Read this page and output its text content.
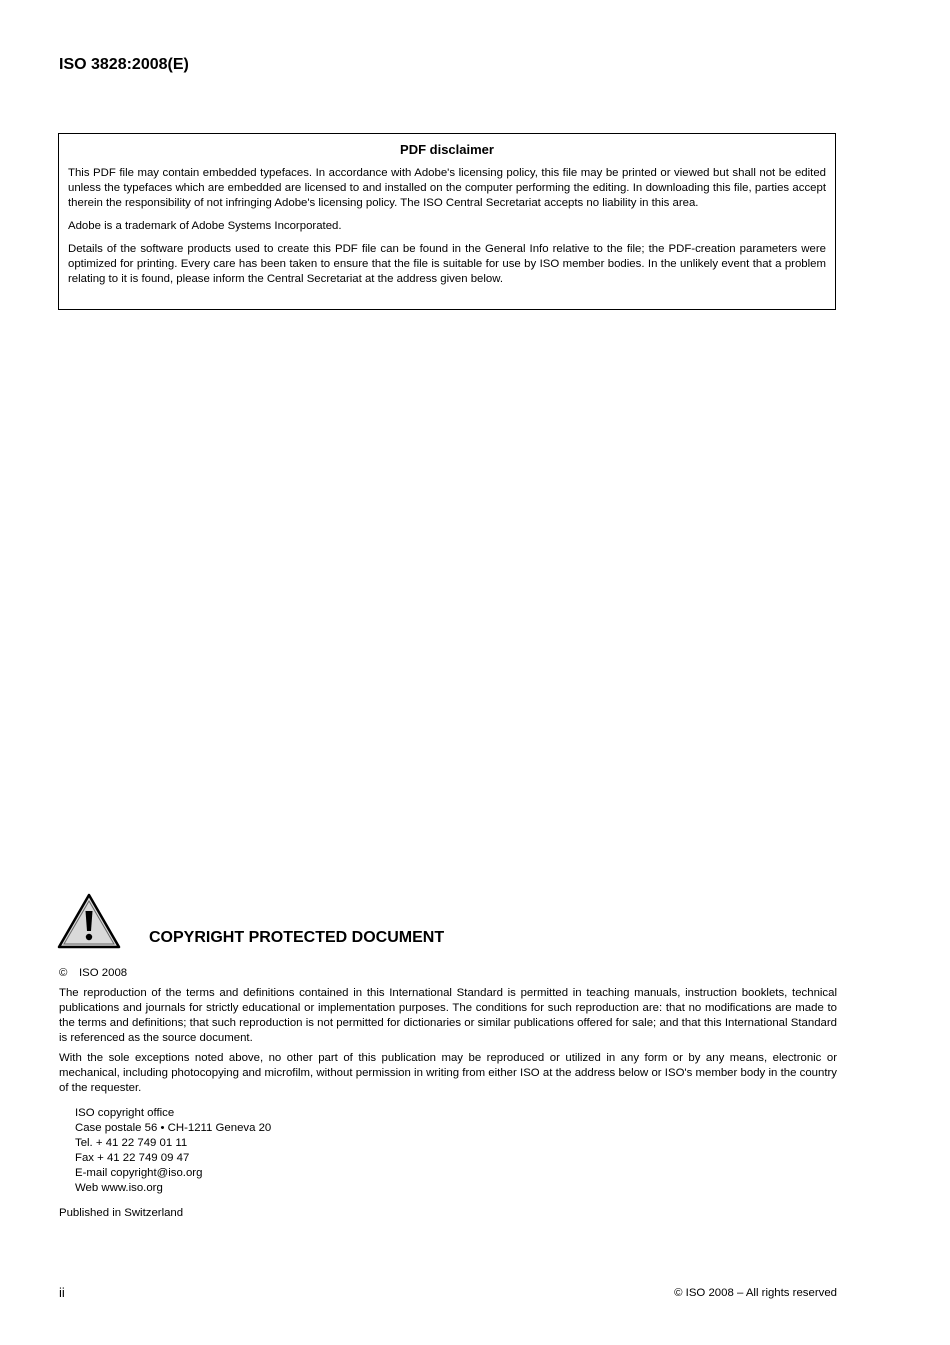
ISO 3828:2008(E)

PDF disclaimer

This PDF file may contain embedded typefaces. In accordance with Adobe's licensing policy, this file may be printed or viewed but shall not be edited unless the typefaces which are embedded are licensed to and installed on the computer performing the editing. In downloading this file, parties accept therein the responsibility of not infringing Adobe's licensing policy. The ISO Central Secretariat accepts no liability in this area.

Adobe is a trademark of Adobe Systems Incorporated.

Details of the software products used to create this PDF file can be found in the General Info relative to the file; the PDF-creation parameters were optimized for printing. Every care has been taken to ensure that the file is suitable for use by ISO member bodies. In the unlikely event that a problem relating to it is found, please inform the Central Secretariat at the address given below.

COPYRIGHT PROTECTED DOCUMENT

© ISO 2008

The reproduction of the terms and definitions contained in this International Standard is permitted in teaching manuals, instruction booklets, technical publications and journals for strictly educational or implementation purposes. The conditions for such reproduction are: that no modifications are made to the terms and definitions; that such reproduction is not permitted for dictionaries or similar publications offered for sale; and that this International Standard is referenced as the source document.

With the sole exceptions noted above, no other part of this publication may be reproduced or utilized in any form or by any means, electronic or mechanical, including photocopying and microfilm, without permission in writing from either ISO at the address below or ISO's member body in the country of the requester.

ISO copyright office
Case postale 56 • CH-1211 Geneva 20
Tel. + 41 22 749 01 11
Fax + 41 22 749 09 47
E-mail copyright@iso.org
Web www.iso.org

Published in Switzerland

ii	© ISO 2008 – All rights reserved
